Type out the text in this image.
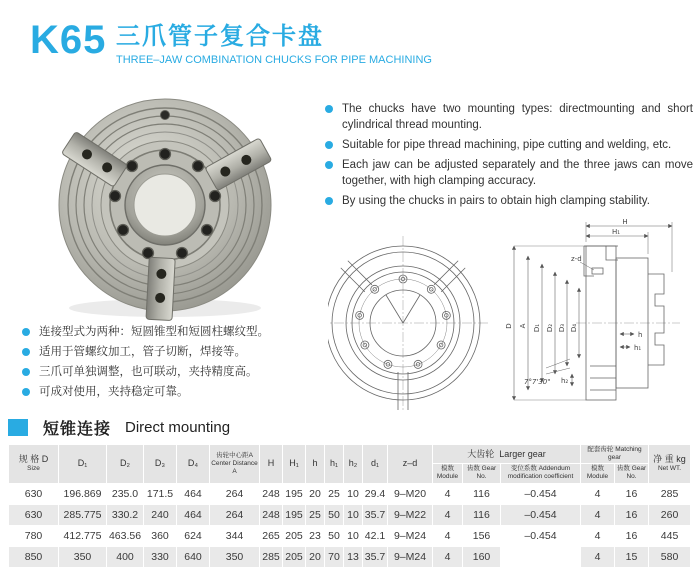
K65 三爪管子复合卡盘
THREE–JAW COMBINATION CHUCKS FOR PIPE MACHINING
The chucks have two mounting types: directmounting and short cylindrical thread mounting.
Suitable for pipe thread machining, pipe cutting and welding, etc.
Each jaw can be adjusted separately and the three jaws can move together, with high clamping accuracy.
By using the chucks in pairs to obtain high clamping stability.
连接型式为两种：短圆锥型和短圆柱螺纹型。
适用于管螺纹加工，管子切断，焊接等。
三爪可单独调整，也可联动，夹持精度高。
可成对使用，夹持稳定可靠。
H
H₁
D A D₁ D₂ D₃ D₄
h
h₁
h₂
z-d
7°7'30"
短锥连接 Direct mounting
规 格 D
Size	D₁	D₂	D₃	D₄	齿轮中心距A
Center Distance A	H	H₁	h	h₁	h₂	d₁	z–d	大齿轮 Larger gear			配套齿轮 Matching gear		净 重 kg
Net WT.

													模数 Module	齿数 Gear No.	变位系数 Addendum modification coefficient	模数 Module	齿数 Gear No.	
630	196.869	235.0	171.5	464	264	248	195	20	25	10	29.4	9–M20	4	116	–0.454	4	16	285
630	285.775	330.2	240	464	264	248	195	25	50	10	35.7	9–M22	4	116	–0.454	4	16	260
780	412.775	463.56	360	624	344	265	205	23	50	10	42.1	9–M24	4	156	–0.454	4	16	445
850	350	400	330	640	350	285	205	20	70	13	35.7	9–M24	4	160		4	15	580
